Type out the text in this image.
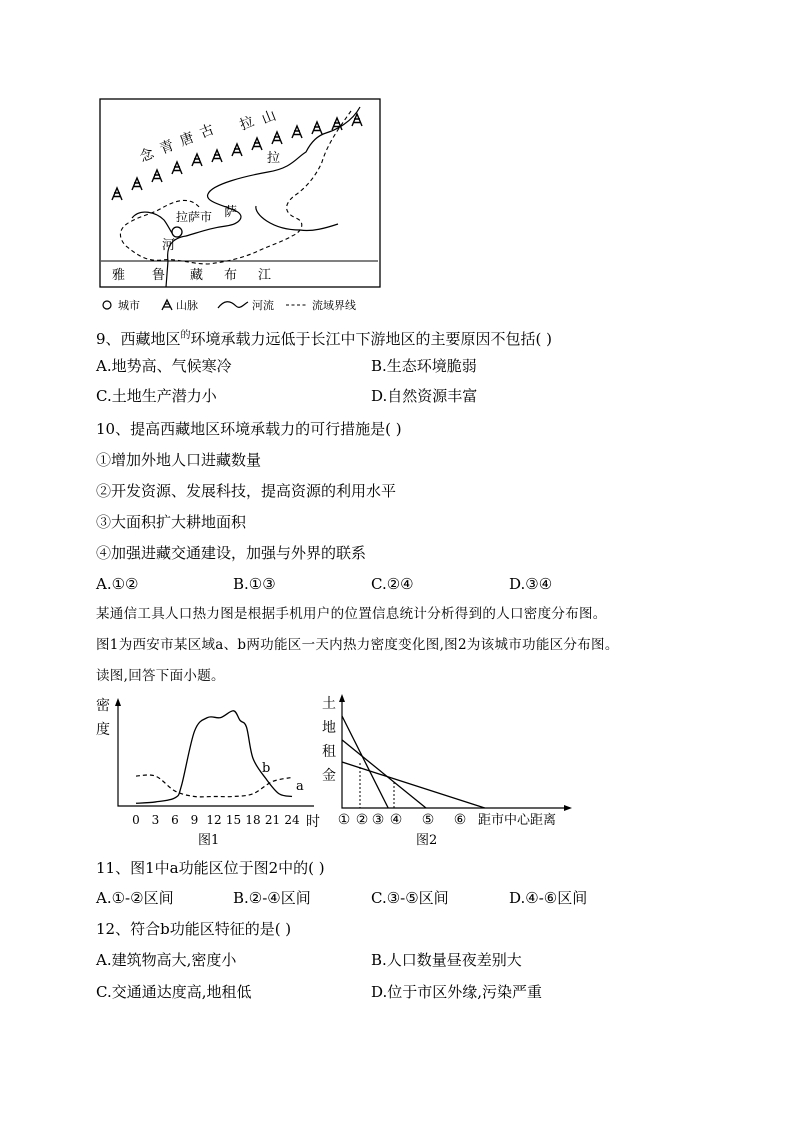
拉萨市
拉
萨
河
雅 鲁 藏 布 江
城市	山脉	河流	流域界线
念 青 唐 古 拉 山
9、西藏地区$^的$环境承载力远低于长江中下游地区的主要原因不包括( )
A.地势高、气候寒冷	B.生态环境脆弱
C.土地生产潜力小	D.自然资源丰富
10、提高西藏地区环境承载力的可行措施是( )
①增加外地人口进藏数量
②开发资源、发展科技，提高资源的利用水平
③大面积扩大耕地面积
④加强进藏交通建设，加强与外界的联系
A.①②	B.①③	C.②④	D.③④
某通信工具人口热力图是根据手机用户的位置信息统计分析得到的人口密度分布图。
图1为西安市某区域a、b两功能区一天内热力密度变化图,图2为该城市功能区分布图。
读图,回答下面小题。
密
度
0 3 6 9 12 15 18 21 24
a
b
时
图1
土
地
租
金
① ② ③ ④ ⑤ ⑥ 距市中心距离
图2
11、图1中a功能区位于图2中的( )
A.①-②区间	B.②-④区间	C.③-⑤区间	D.④-⑥区间
12、符合b功能区特征的是( )
A.建筑物高大,密度小	B.人口数量昼夜差别大
C.交通通达度高,地租低	D.位于市区外缘,污染严重
